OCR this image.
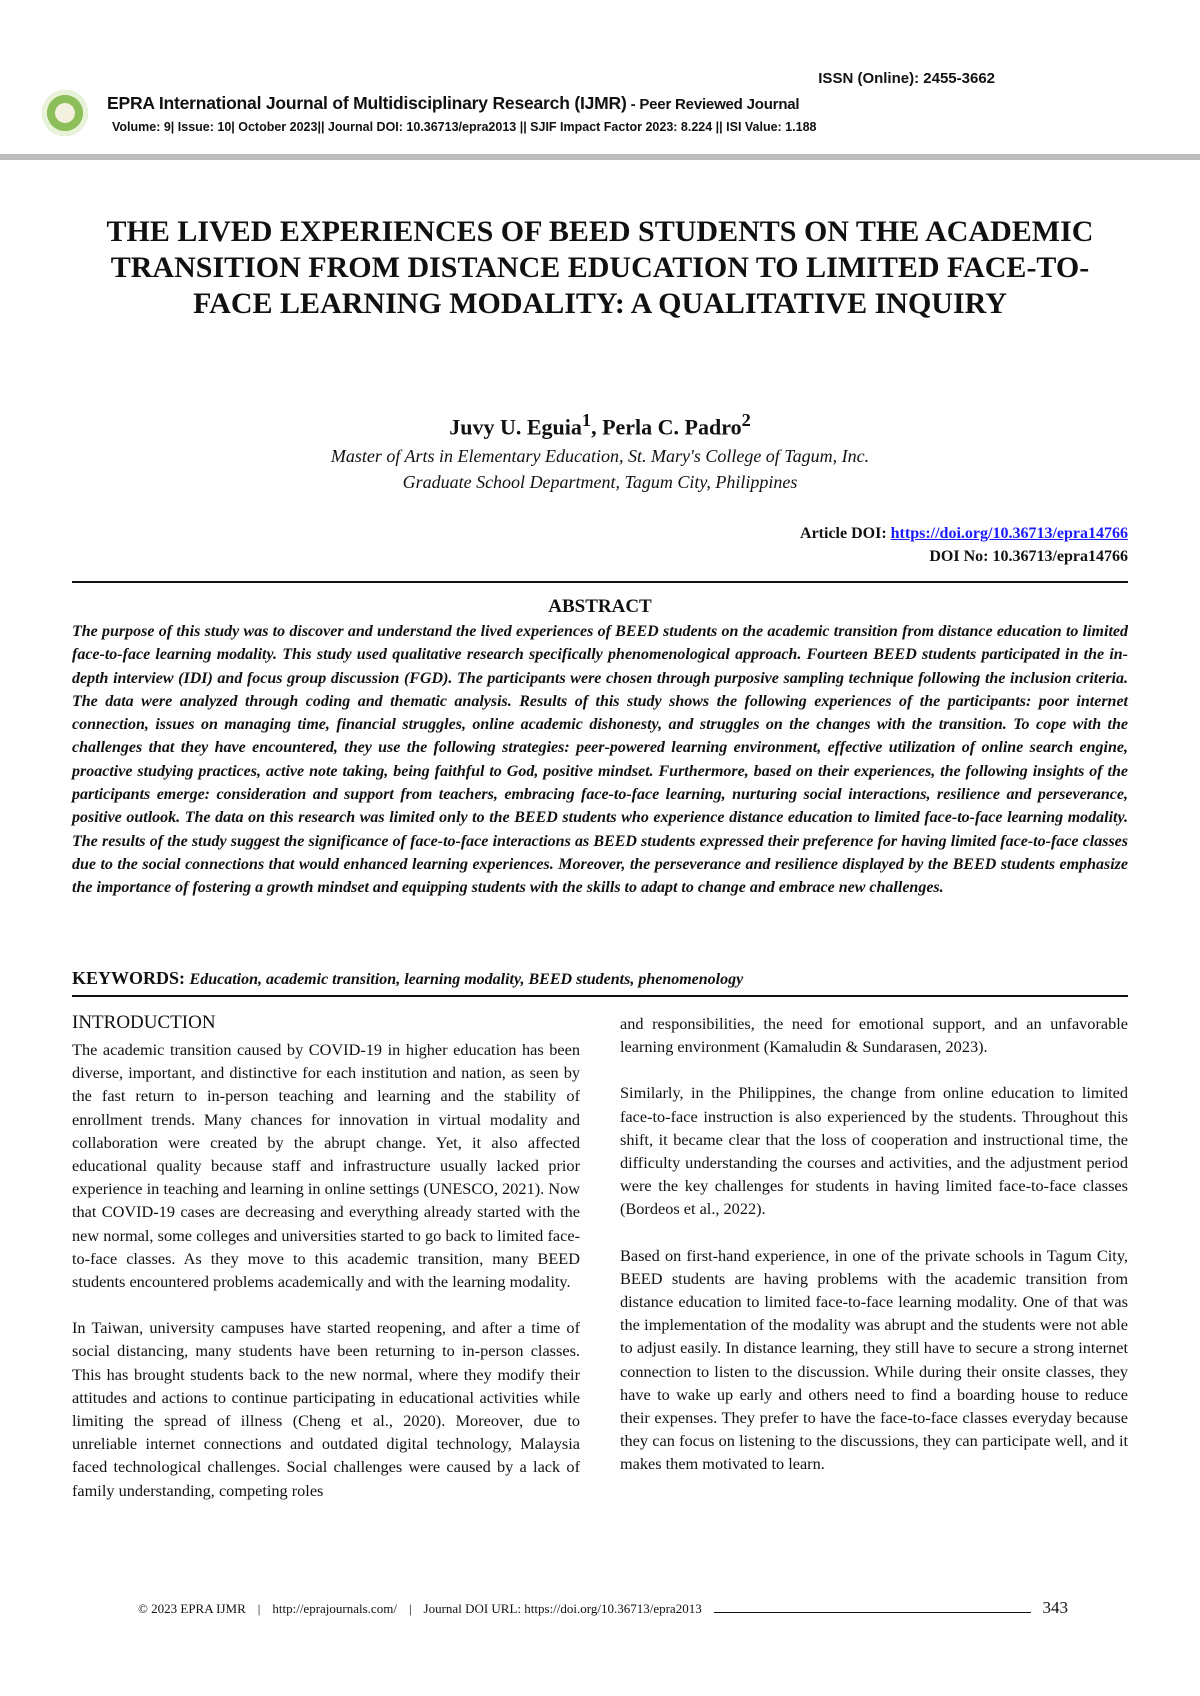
ISSN (Online): 2455-3662
EPRA International Journal of Multidisciplinary Research (IJMR) - Peer Reviewed Journal
Volume: 9| Issue: 10| October 2023|| Journal DOI: 10.36713/epra2013 || SJIF Impact Factor 2023: 8.224 || ISI Value: 1.188
THE LIVED EXPERIENCES OF BEED STUDENTS ON THE ACADEMIC TRANSITION FROM DISTANCE EDUCATION TO LIMITED FACE-TO-FACE LEARNING MODALITY: A QUALITATIVE INQUIRY
Juvy U. Eguia$^1$, Perla C. Padro$^2$
Master of Arts in Elementary Education, St. Mary's College of Tagum, Inc.
Graduate School Department, Tagum City, Philippines
Article DOI: https://doi.org/10.36713/epra14766
DOI No: 10.36713/epra14766
ABSTRACT

The purpose of this study was to discover and understand the lived experiences of BEED students on the academic transition from distance education to limited face-to-face learning modality. This study used qualitative research specifically phenomenological approach. Fourteen BEED students participated in the in-depth interview (IDI) and focus group discussion (FGD). The participants were chosen through purposive sampling technique following the inclusion criteria. The data were analyzed through coding and thematic analysis. Results of this study shows the following experiences of the participants: poor internet connection, issues on managing time, financial struggles, online academic dishonesty, and struggles on the changes with the transition. To cope with the challenges that they have encountered, they use the following strategies: peer-powered learning environment, effective utilization of online search engine, proactive studying practices, active note taking, being faithful to God, positive mindset. Furthermore, based on their experiences, the following insights of the participants emerge: consideration and support from teachers, embracing face-to-face learning, nurturing social interactions, resilience and perseverance, positive outlook. The data on this research was limited only to the BEED students who experience distance education to limited face-to-face learning modality. The results of the study suggest the significance of face-to-face interactions as BEED students expressed their preference for having limited face-to-face classes due to the social connections that would enhanced learning experiences. Moreover, the perseverance and resilience displayed by the BEED students emphasize the importance of fostering a growth mindset and equipping students with the skills to adapt to change and embrace new challenges.

KEYWORDS: Education, academic transition, learning modality, BEED students, phenomenology
INTRODUCTION

The academic transition caused by COVID-19 in higher education has been diverse, important, and distinctive for each institution and nation, as seen by the fast return to in-person teaching and learning and the stability of enrollment trends. Many chances for innovation in virtual modality and collaboration were created by the abrupt change. Yet, it also affected educational quality because staff and infrastructure usually lacked prior experience in teaching and learning in online settings (UNESCO, 2021). Now that COVID-19 cases are decreasing and everything already started with the new normal, some colleges and universities started to go back to limited face-to-face classes. As they move to this academic transition, many BEED students encountered problems academically and with the learning modality.

In Taiwan, university campuses have started reopening, and after a time of social distancing, many students have been returning to in-person classes. This has brought students back to the new normal, where they modify their attitudes and actions to continue participating in educational activities while limiting the spread of illness (Cheng et al., 2020). Moreover, due to unreliable internet connections and outdated digital technology, Malaysia faced technological challenges. Social challenges were caused by a lack of family understanding, competing roles

and responsibilities, the need for emotional support, and an unfavorable learning environment (Kamaludin & Sundarasen, 2023).

Similarly, in the Philippines, the change from online education to limited face-to-face instruction is also experienced by the students. Throughout this shift, it became clear that the loss of cooperation and instructional time, the difficulty understanding the courses and activities, and the adjustment period were the key challenges for students in having limited face-to-face classes (Bordeos et al., 2022).

Based on first-hand experience, in one of the private schools in Tagum City, BEED students are having problems with the academic transition from distance education to limited face-to-face learning modality. One of that was the implementation of the modality was abrupt and the students were not able to adjust easily. In distance learning, they still have to secure a strong internet connection to listen to the discussion. While during their onsite classes, they have to wake up early and others need to find a boarding house to reduce their expenses. They prefer to have the face-to-face classes everyday because they can focus on listening to the discussions, they can participate well, and it makes them motivated to learn.

© 2023 EPRA IJMR | http://eprajournals.com/ | Journal DOI URL: https://doi.org/10.36713/epra2013	343
